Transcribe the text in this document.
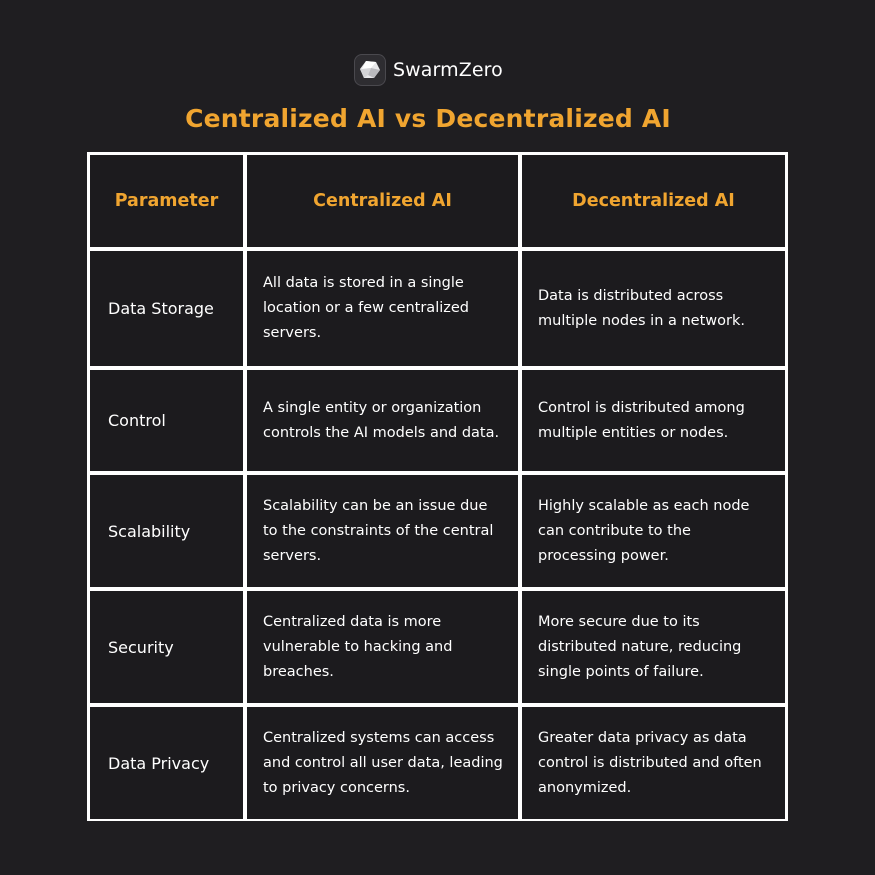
SwarmZero
Centralized AI vs Decentralized AI
Parameter	Centralized AI	Decentralized AI
Data Storage
All data is stored in a single location or a few centralized servers.
Data is distributed across multiple nodes in a network.
Control
A single entity or organization controls the AI models and data.
Control is distributed among multiple entities or nodes.
Scalability
Scalability can be an issue due to the constraints of the central servers.
Highly scalable as each node can contribute to the processing power.
Security
Centralized data is more vulnerable to hacking and breaches.
More secure due to its distributed nature, reducing single points of failure.
Data Privacy
Centralized systems can access and control all user data, leading to privacy concerns.
Greater data privacy as data control is distributed and often anonymized.
